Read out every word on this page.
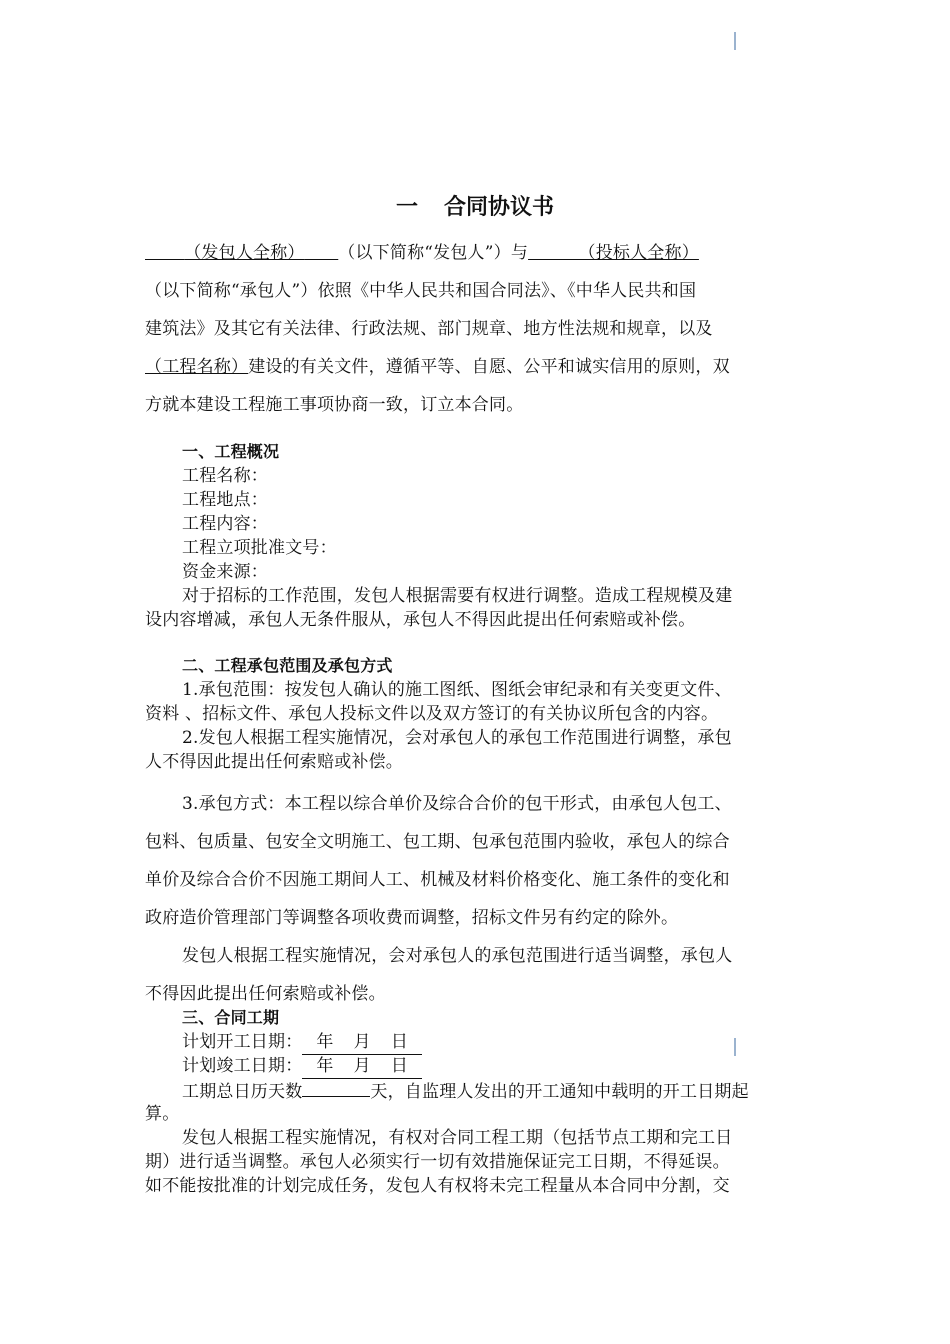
一 合同协议书
（发包人全称） （以下简称“发包人”）与	（投标人全称）
（以下简称“承包人”）依照《中华人民共和国合同法》、《中华人民共和国
建筑法》及其它有关法律、行政法规、部门规章、地方性法规和规章，以及
（工程名称）建设的有关文件，遵循平等、自愿、公平和诚实信用的原则，双
方就本建设工程施工事项协商一致，订立本合同。
一、工程概况
工程名称：
工程地点：
工程内容：
工程立项批准文号：
资金来源：
对于招标的工作范围，发包人根据需要有权进行调整。造成工程规模及建
设内容增减，承包人无条件服从，承包人不得因此提出任何索赔或补偿。
二、工程承包范围及承包方式
1.承包范围：按发包人确认的施工图纸、图纸会审纪录和有关变更文件、
资料 、招标文件、承包人投标文件以及双方签订的有关协议所包含的内容。
2.发包人根据工程实施情况，会对承包人的承包工作范围进行调整，承包
人不得因此提出任何索赔或补偿。
3.承包方式：本工程以综合单价及综合合价的包干形式，由承包人包工、
包料、包质量、包安全文明施工、包工期、包承包范围内验收，承包人的综合
单价及综合合价不因施工期间人工、机械及材料价格变化、施工条件的变化和
政府造价管理部门等调整各项收费而调整，招标文件另有约定的除外。
发包人根据工程实施情况，会对承包人的承包范围进行适当调整，承包人
不得因此提出任何索赔或补偿。
三、合同工期
计划开工日期： 年 月 日
计划竣工日期： 年 月 日
工期总日历天数	天，自监理人发出的开工通知中载明的开工日期起
算。
发包人根据工程实施情况，有权对合同工程工期（包括节点工期和完工日
期）进行适当调整。承包人必须实行一切有效措施保证完工日期，不得延误。
如不能按批准的计划完成任务，发包人有权将未完工程量从本合同中分割，交
